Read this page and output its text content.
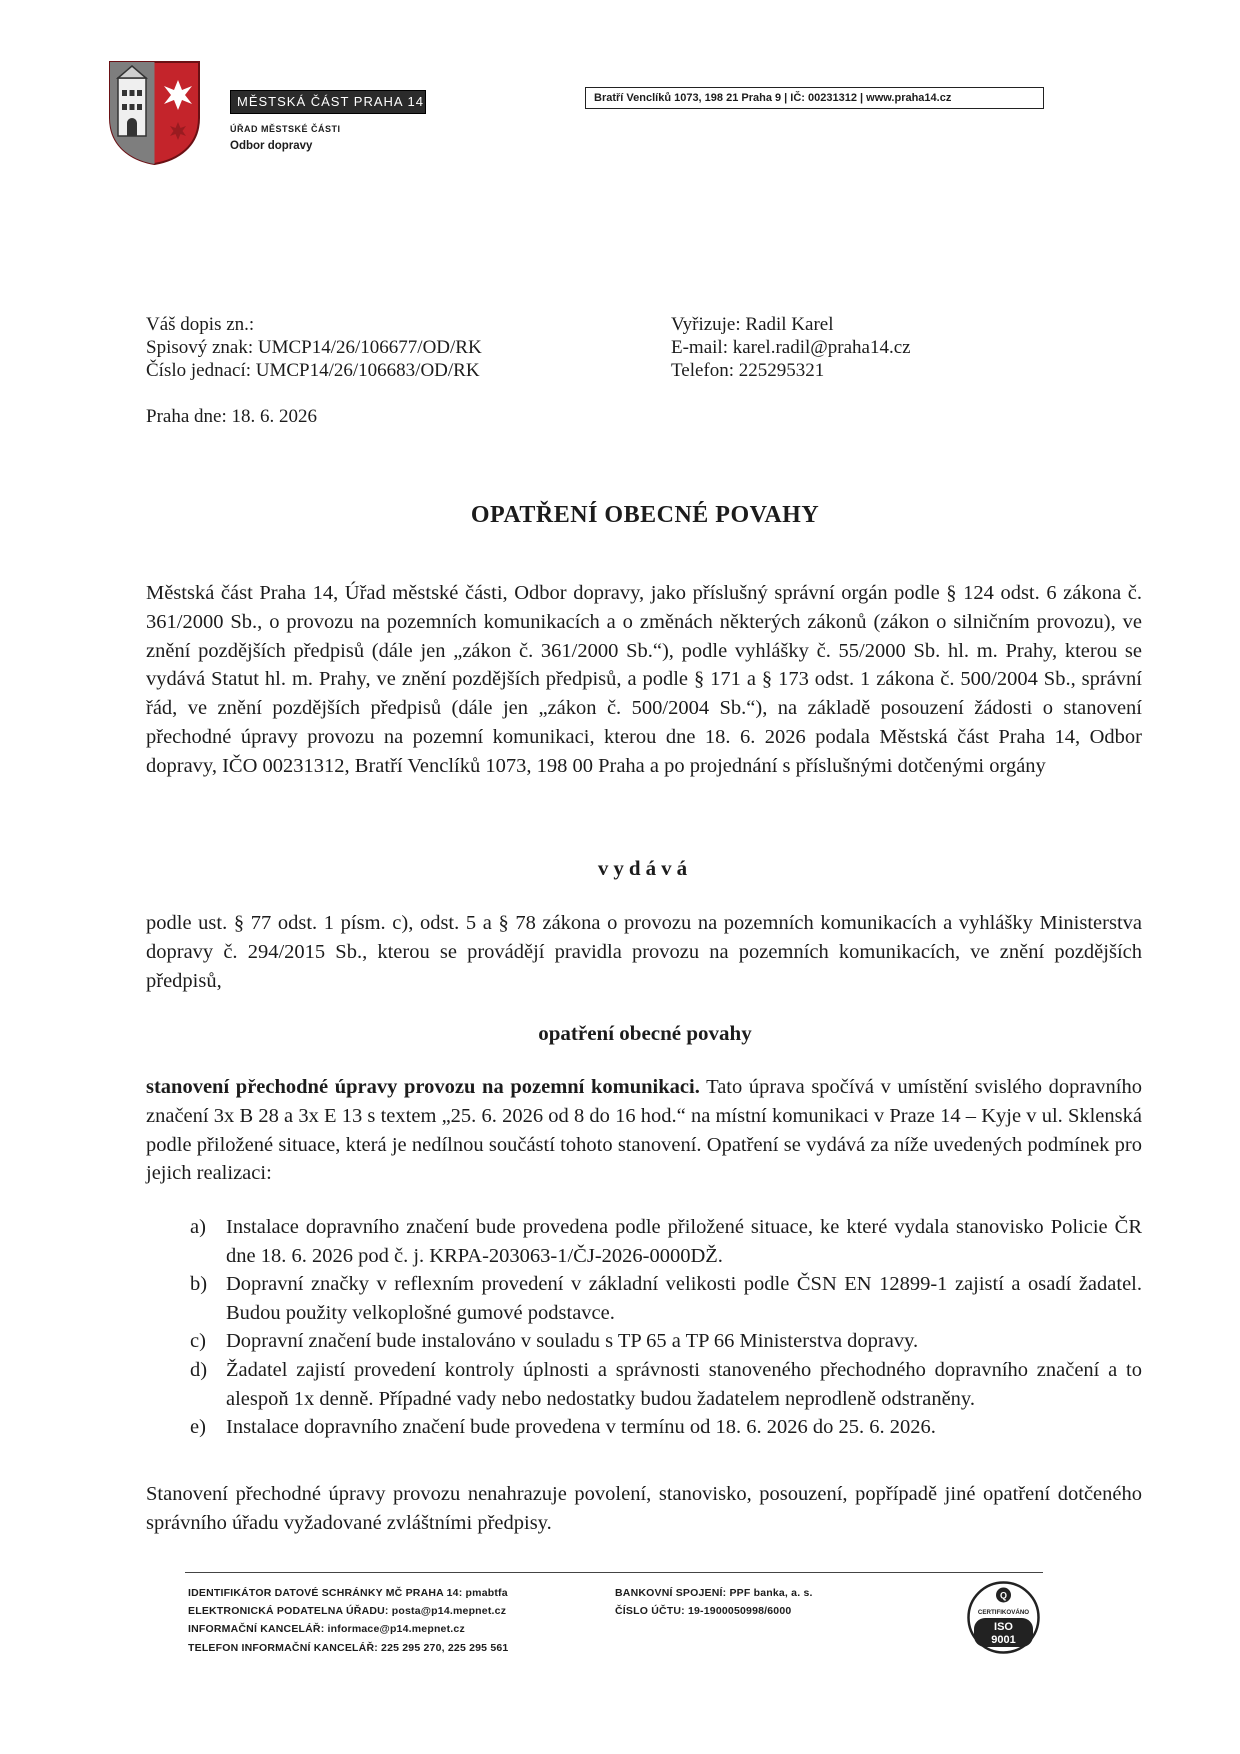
MĚSTSKÁ ČÁST PRAHA 14
ÚŘAD MĚSTSKÉ ČÁSTI
Odbor dopravy
Bratří Venclíků 1073, 198 21 Praha 9 | IČ: 00231312 | www.praha14.cz
Váš dopis zn.:
Spisový znak: UMCP14/26/106677/OD/RK
Číslo jednací: UMCP14/26/106683/OD/RK
Vyřizuje: Radil Karel
E-mail: karel.radil@praha14.cz
Telefon: 225295321
Praha dne: 18. 6. 2026
OPATŘENÍ OBECNÉ POVAHY
Městská část Praha 14, Úřad městské části, Odbor dopravy, jako příslušný správní orgán podle § 124 odst. 6 zákona č. 361/2000 Sb., o provozu na pozemních komunikacích a o změnách některých zákonů (zákon o silničním provozu), ve znění pozdějších předpisů (dále jen „zákon č. 361/2000 Sb.“), podle vyhlášky č. 55/2000 Sb. hl. m. Prahy, kterou se vydává Statut hl. m. Prahy, ve znění pozdějších předpisů, a podle § 171 a § 173 odst. 1 zákona č. 500/2004 Sb., správní řád, ve znění pozdějších předpisů (dále jen „zákon č. 500/2004 Sb.“), na základě posouzení žádosti o stanovení přechodné úpravy provozu na pozemní komunikaci, kterou dne 18. 6. 2026 podala Městská část Praha 14, Odbor dopravy, IČO 00231312, Bratří Venclíků 1073, 198 00 Praha a po projednání s příslušnými dotčenými orgány
vydává
podle ust. § 77 odst. 1 písm. c), odst. 5 a § 78 zákona o provozu na pozemních komunikacích a vyhlášky Ministerstva dopravy č. 294/2015 Sb., kterou se provádějí pravidla provozu na pozemních komunikacích, ve znění pozdějších předpisů,
opatření obecné povahy
stanovení přechodné úpravy provozu na pozemní komunikaci. Tato úprava spočívá v umístění svislého dopravního značení 3x B 28 a 3x E 13 s textem „25. 6. 2026 od 8 do 16 hod.“ na místní komunikaci v Praze 14 – Kyje v ul. Sklenská podle přiložené situace, která je nedílnou součástí tohoto stanovení. Opatření se vydává za níže uvedených podmínek pro jejich realizaci:
a) Instalace dopravního značení bude provedena podle přiložené situace, ke které vydala stanovisko Policie ČR dne 18. 6. 2026 pod č. j. KRPA-203063-1/ČJ-2026-0000DŽ.
b) Dopravní značky v reflexním provedení v základní velikosti podle ČSN EN 12899-1 zajistí a osadí žadatel. Budou použity velkoplošné gumové podstavce.
c) Dopravní značení bude instalováno v souladu s TP 65 a TP 66 Ministerstva dopravy.
d) Žadatel zajistí provedení kontroly úplnosti a správnosti stanoveného přechodného dopravního značení a to alespoň 1x denně. Případné vady nebo nedostatky budou žadatelem neprodleně odstraněny.
e) Instalace dopravního značení bude provedena v termínu od 18. 6. 2026 do 25. 6. 2026.
Stanovení přechodné úpravy provozu nenahrazuje povolení, stanovisko, posouzení, popřípadě jiné opatření dotčeného správního úřadu vyžadované zvláštními předpisy.
IDENTIFIKÁTOR DATOVÉ SCHRÁNKY MČ PRAHA 14: pmabtfa
ELEKTRONICKÁ PODATELNA ÚŘADU: posta@p14.mepnet.cz
INFORMAČNÍ KANCELÁŘ: informace@p14.mepnet.cz
TELEFON INFORMAČNÍ KANCELÁŘ: 225 295 270, 225 295 561
BANKOVNÍ SPOJENÍ: PPF banka, a. s.
ČÍSLO ÚČTU: 19-1900050998/6000
Q
CERTIFIKOVÁNO
ISO
9001
